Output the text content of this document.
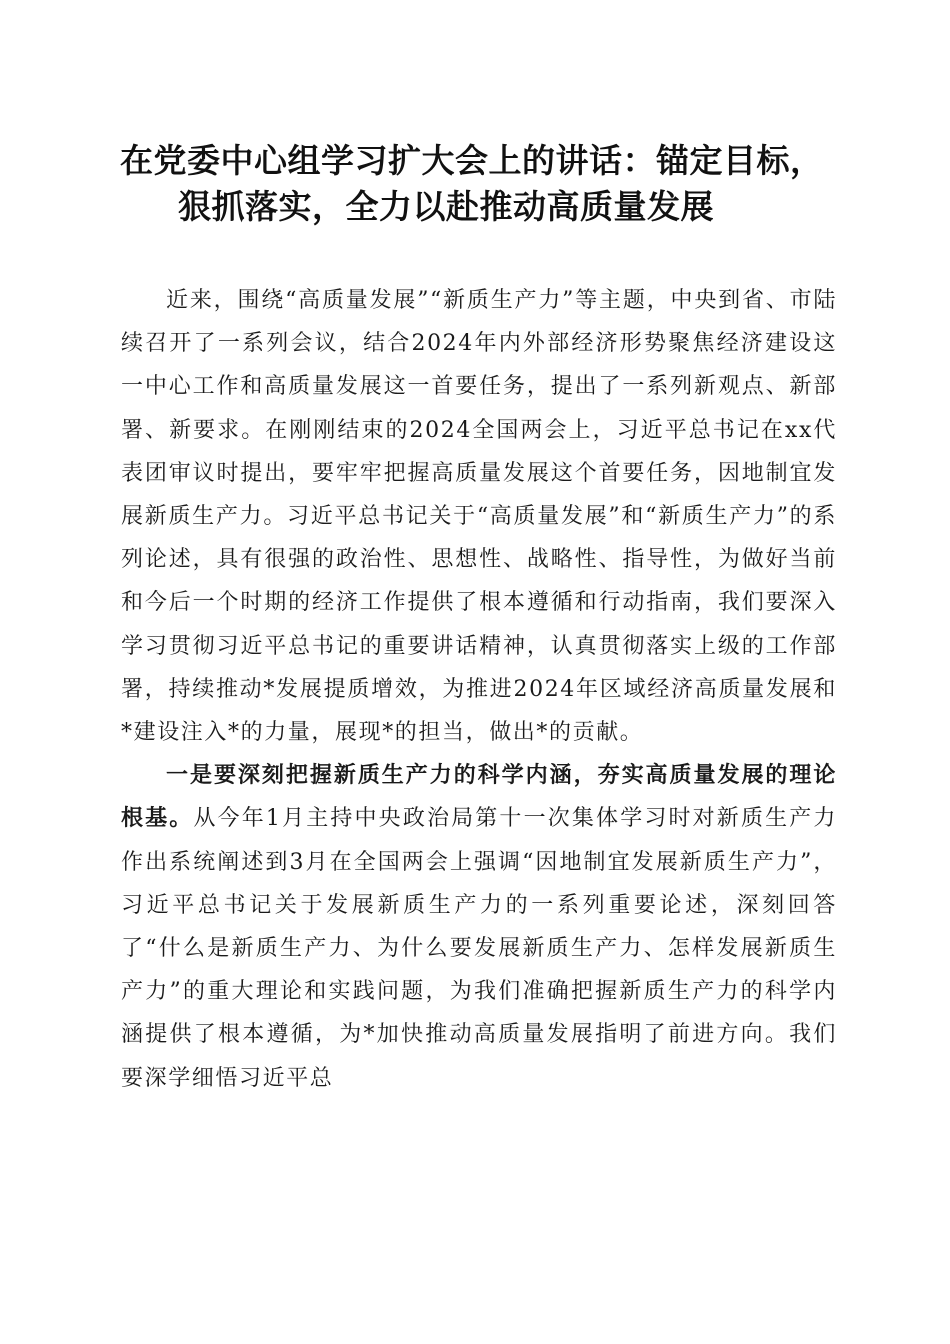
在党委中心组学习扩大会上的讲话：锚定目标，
狠抓落实，全力以赴推动高质量发展

近来，围绕“高质量发展”“新质生产力”等主题，中央到省、市陆续召开了一系列会议，结合2024年内外部经济形势聚焦经济建设这一中心工作和高质量发展这一首要任务，提出了一系列新观点、新部署、新要求。在刚刚结束的2024全国两会上，习近平总书记在xx代表团审议时提出，要牢牢把握高质量发展这个首要任务，因地制宜发展新质生产力。习近平总书记关于“高质量发展”和“新质生产力”的系列论述，具有很强的政治性、思想性、战略性、指导性，为做好当前和今后一个时期的经济工作提供了根本遵循和行动指南，我们要深入学习贯彻习近平总书记的重要讲话精神，认真贯彻落实上级的工作部署，持续推动*发展提质增效，为推进2024年区域经济高质量发展和*建设注入*的力量，展现*的担当，做出*的贡献。

一是要深刻把握新质生产力的科学内涵，夯实高质量发展的理论根基。从今年1月主持中央政治局第十一次集体学习时对新质生产力作出系统阐述到3月在全国两会上强调“因地制宜发展新质生产力”，习近平总书记关于发展新质生产力的一系列重要论述，深刻回答了“什么是新质生产力、为什么要发展新质生产力、怎样发展新质生产力”的重大理论和实践问题，为我们准确把握新质生产力的科学内涵提供了根本遵循，为*加快推动高质量发展指明了前进方向。我们要深学细悟习近平总
